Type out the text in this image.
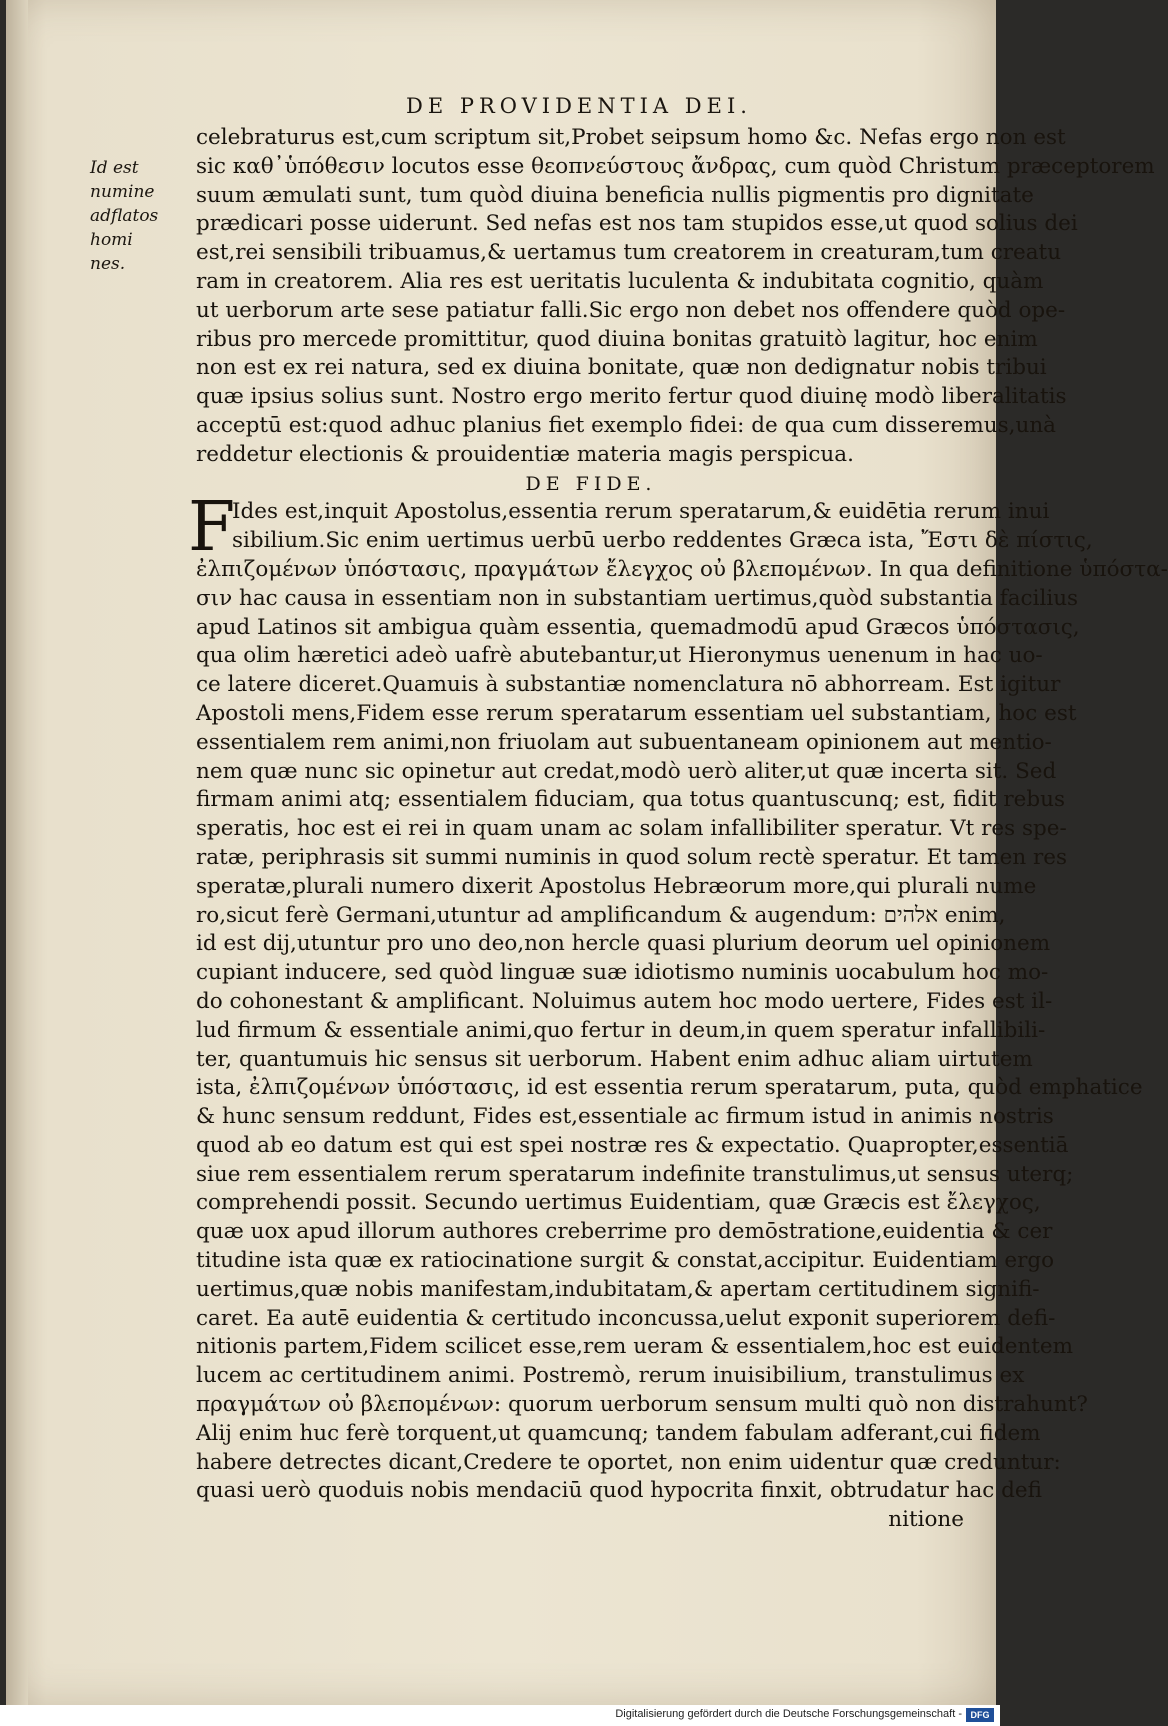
DE PROVIDENTIA DEI.
Id est numine
adflatos homi
nes.
celebraturus est,cum scriptum sit,Probet seipsum homo &c. Nefas ergo non est
sic καθ᾽ὑπόθεσιν locutos esse θεοπνεύστους ἄνδρας, cum quòd Christum præceptorem
suum æmulati sunt, tum quòd diuina beneficia nullis pigmentis pro dignitate
prædicari posse uiderunt. Sed nefas est nos tam stupidos esse,ut quod solius dei
est,rei sensibili tribuamus,& uertamus tum creatorem in creaturam,tum creatu
ram in creatorem. Alia res est ueritatis luculenta & indubitata cognitio, quàm
ut uerborum arte sese patiatur falli.Sic ergo non debet nos offendere quòd ope-
ribus pro mercede promittitur, quod diuina bonitas gratuitò lagitur, hoc enim
non est ex rei natura, sed ex diuina bonitate, quæ non dedignatur nobis tribui
quæ ipsius solius sunt. Nostro ergo merito fertur quod diuinę modò liberalitatis
acceptū est:quod adhuc planius fiet exemplo fidei: de qua cum disseremus,unà
reddetur electionis & prouidentiæ materia magis perspicua.
DE FIDE.
F
Ides est,inquit Apostolus,essentia rerum speratarum,& euidētia rerum inui
sibilium.Sic enim uertimus uerbū uerbo reddentes Græca ista, Ἔστι δὲ πίστις,
ἐλπιζομένων ὑπόστασις, πραγμάτων ἔλεγχος οὐ βλεπομένων. In qua definitione ὑπόστα-
σιν hac causa in essentiam non in substantiam uertimus,quòd substantia facilius
apud Latinos sit ambigua quàm essentia, quemadmodū apud Græcos ὑπόστασις,
qua olim hæretici adeò uafrè abutebantur,ut Hieronymus uenenum in hac uo-
ce latere diceret.Quamuis à substantiæ nomenclatura nō abhorream. Est igitur
Apostoli mens,Fidem esse rerum speratarum essentiam uel substantiam, hoc est
essentialem rem animi,non friuolam aut subuentaneam opinionem aut mentio-
nem quæ nunc sic opinetur aut credat,modò uerò aliter,ut quæ incerta sit. Sed
firmam animi atq; essentialem fiduciam, qua totus quantuscunq; est, fidit rebus
speratis, hoc est ei rei in quam unam ac solam infallibiliter speratur. Vt res spe-
ratæ, periphrasis sit summi numinis in quod solum rectè speratur. Et tamen res
speratæ,plurali numero dixerit Apostolus Hebræorum more,qui plurali nume
ro,sicut ferè Germani,utuntur ad amplificandum & augendum: אלהים enim,
id est dij,utuntur pro uno deo,non hercle quasi plurium deorum uel opinionem
cupiant inducere, sed quòd linguæ suæ idiotismo numinis uocabulum hoc mo-
do cohonestant & amplificant. Noluimus autem hoc modo uertere, Fides est il-
lud firmum & essentiale animi,quo fertur in deum,in quem speratur infallibili-
ter, quantumuis hic sensus sit uerborum. Habent enim adhuc aliam uirtutem
ista, ἐλπιζομένων ὑπόστασις, id est essentia rerum speratarum, puta, quòd emphatice
& hunc sensum reddunt, Fides est,essentiale ac firmum istud in animis nostris
quod ab eo datum est qui est spei nostræ res & expectatio. Quapropter,essentiā
siue rem essentialem rerum speratarum indefinite transtulimus,ut sensus uterq;
comprehendi possit. Secundo uertimus Euidentiam, quæ Græcis est ἔλεγχος,
quæ uox apud illorum authores creberrime pro demōstratione,euidentia & cer
titudine ista quæ ex ratiocinatione surgit & constat,accipitur. Euidentiam ergo
uertimus,quæ nobis manifestam,indubitatam,& apertam certitudinem signifi-
caret. Ea autē euidentia & certitudo inconcussa,uelut exponit superiorem defi-
nitionis partem,Fidem scilicet esse,rem ueram & essentialem,hoc est euidentem
lucem ac certitudinem animi. Postremò, rerum inuisibilium, transtulimus ex
πραγμάτων οὐ βλεπομένων: quorum uerborum sensum multi quò non distrahunt?
Alij enim huc ferè torquent,ut quamcunq; tandem fabulam adferant,cui fidem
habere detrectes dicant,Credere te oportet, non enim uidentur quæ creduntur:
quasi uerò quoduis nobis mendaciū quod hypocrita finxit, obtrudatur hac defi
nitione
Digitalisierung gefördert durch die Deutsche Forschungsgemeinschaft - DFG
